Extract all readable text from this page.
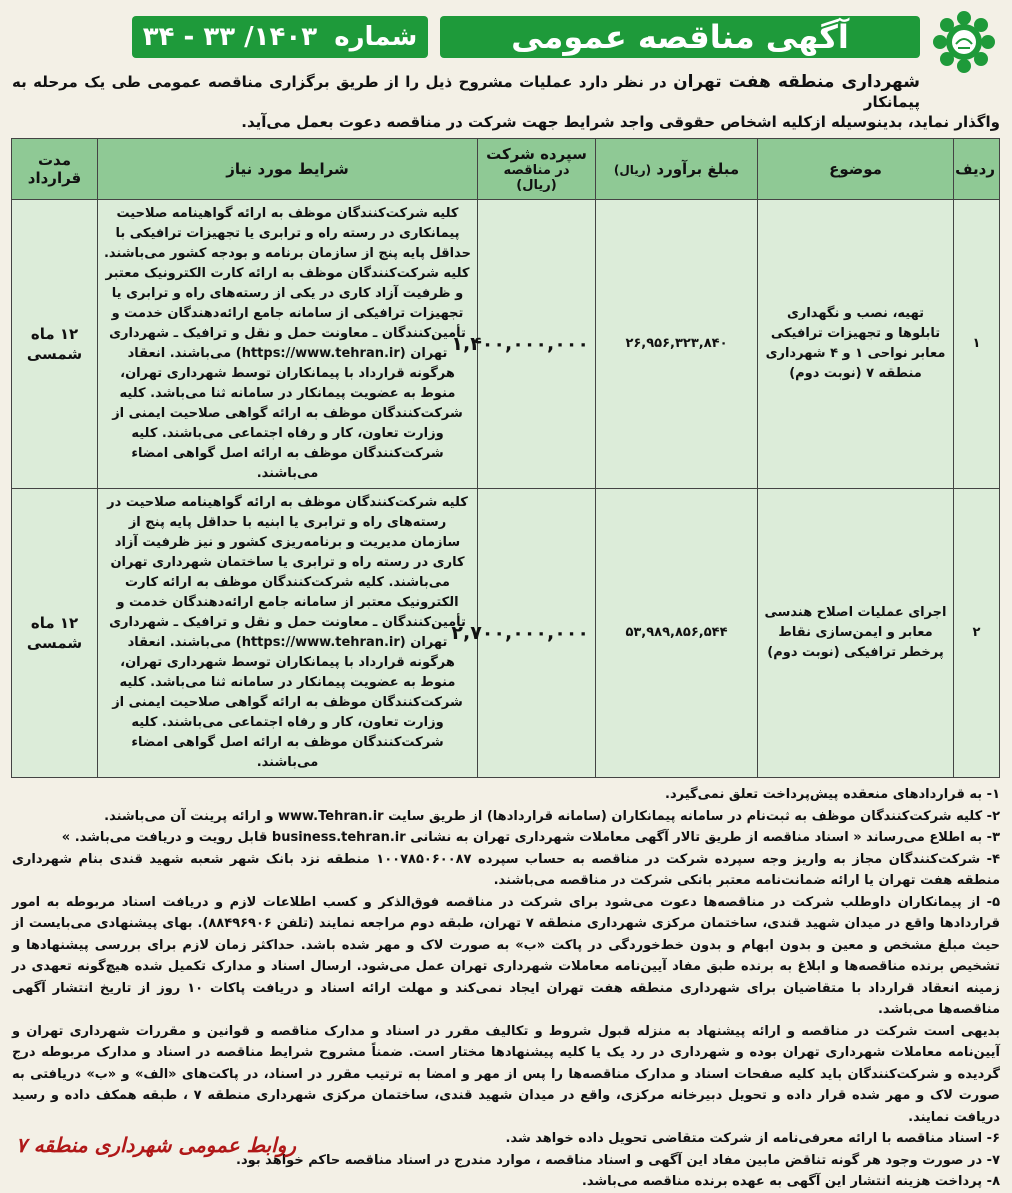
آگهی مناقصه عمومی
شماره ۱۴۰۳/ ۳۳ - ۳۴
شهرداری منطقه هفت تهران در نظر دارد عملیات مشروح ذیل را از طریق برگزاری مناقصه عمومی طی یک مرحله به پیمانکار
واگذار نماید، بدینوسیله ازکلیه اشخاص حقوقی واجد شرایط جهت شرکت در مناقصه دعوت بعمل می‌آید.
ردیف	موضوع	مبلغ برآورد (ریال)	سپرده شرکت
در مناقصه (ریال)	شرایط مورد نیاز	مدت قرارداد
۱	تهیه، نصب و نگهداری تابلوها و تجهیزات ترافیکی معابر نواحی ۱ و ۴ شهرداری منطقه ۷ (نوبت دوم)	۲۶,۹۵۶,۳۲۳,۸۴۰	۱,۴۰۰,۰۰۰,۰۰۰	کلیه شرکت‌کنندگان موظف به ارائه گواهینامه صلاحیت پیمانکاری در رسته راه و ترابری یا تجهیزات ترافیکی با حداقل پایه پنج از سازمان برنامه و بودجه کشور می‌باشند. کلیه شرکت‌کنندگان موظف به ارائه کارت الکترونیک معتبر و ظرفیت آزاد کاری در یکی از رسته‌های راه و ترابری یا تجهیزات ترافیکی از سامانه جامع ارائه‌دهندگان خدمت و تأمین‌کنندگان ـ معاونت حمل و نقل و ترافیک ـ شهرداری تهران (https://www.tehran.ir) می‌باشند. انعقاد هرگونه قرارداد با پیمانکاران توسط شهرداری تهران، منوط به عضویت پیمانکار در سامانه ثنا می‌باشد. کلیه شرکت‌کنندگان موظف به ارائه گواهی صلاحیت ایمنی از وزارت تعاون، کار و رفاه اجتماعی می‌باشند. کلیه شرکت‌کنندگان موظف به ارائه اصل گواهی امضاء می‌باشند.	۱۲ ماه شمسی
۲	اجرای عملیات اصلاح هندسی معابر و ایمن‌سازی نقاط پرخطر ترافیکی (نوبت دوم)	۵۳,۹۸۹,۸۵۶,۵۴۴	۲,۷۰۰,۰۰۰,۰۰۰	کلیه شرکت‌کنندگان موظف به ارائه گواهینامه صلاحیت در رسته‌های راه و ترابری یا ابنیه با حداقل پایه پنج از سازمان مدیریت و برنامه‌ریزی کشور و نیز ظرفیت آزاد کاری در رسته راه و ترابری یا ساختمان شهرداری تهران می‌باشند. کلیه شرکت‌کنندگان موظف به ارائه کارت الکترونیک معتبر از سامانه جامع ارائه‌دهندگان خدمت و تأمین‌کنندگان ـ معاونت حمل و نقل و ترافیک ـ شهرداری تهران (https://www.tehran.ir) می‌باشند. انعقاد هرگونه قرارداد با پیمانکاران توسط شهرداری تهران، منوط به عضویت پیمانکار در سامانه ثنا می‌باشد. کلیه شرکت‌کنندگان موظف به ارائه گواهی صلاحیت ایمنی از وزارت تعاون، کار و رفاه اجتماعی می‌باشند. کلیه شرکت‌کنندگان موظف به ارائه اصل گواهی امضاء می‌باشند.	۱۲ ماه شمسی

۱- به قراردادهای منعقده پیش‌پرداخت تعلق نمی‌گیرد.

۲- کلیه شرکت‌کنندگان موظف به ثبت‌نام در سامانه پیمانکاران (سامانه قراردادها) از طریق سایت www.Tehran.ir و ارائه پرینت آن می‌باشند.

۳- به اطلاع می‌رساند « اسناد مناقصه از طریق تالار آگهی معاملات شهرداری تهران به نشانی business.tehran.ir قابل رویت و دریافت می‌باشد. »

۴- شرکت‌کنندگان مجاز به واریز وجه سپرده شرکت در مناقصه به حساب سپرده ۱۰۰۷۸۵۰۶۰۰۸۷ منطقه نزد بانک شهر شعبه شهید قندی بنام شهرداری منطقه هفت تهران یا ارائه ضمانت‌نامه معتبر بانکی شرکت در مناقصه می‌باشند.

۵- از پیمانکاران داوطلب شرکت در مناقصه‌ها دعوت می‌شود برای شرکت در مناقصه فوق‌الذکر و کسب اطلاعات لازم و دریافت اسناد مربوطه به امور قراردادها واقع در میدان شهید قندی، ساختمان مرکزی شهرداری منطقه ۷ تهران، طبقه دوم مراجعه نمایند (تلفن ۸۸۴۹۶۹۰۶). بهای پیشنهادی می‌بایست از حیث مبلغ مشخص و معین و بدون ابهام و بدون خط‌خوردگی در پاکت «ب» به صورت لاک و مهر شده باشد. حداکثر زمان لازم برای بررسی پیشنهادها و تشخیص برنده مناقصه‌ها و ابلاغ به برنده طبق مفاد آیین‌نامه معاملات شهرداری تهران عمل می‌شود. ارسال اسناد و مدارک تکمیل شده هیچ‌گونه تعهدی در زمینه انعقاد قرارداد با متقاضیان برای شهرداری منطقه هفت تهران ایجاد نمی‌کند و مهلت ارائه اسناد و دریافت پاکات ۱۰ روز از تاریخ انتشار آگهی مناقصه‌ها می‌باشد.

بدیهی است شرکت در مناقصه و ارائه پیشنهاد به منزله قبول شروط و تکالیف مقرر در اسناد و مدارک مناقصه و قوانین و مقررات شهرداری تهران و آیین‌نامه معاملات شهرداری تهران بوده و شهرداری در رد یک یا کلیه پیشنهادها مختار است. ضمناً مشروح شرایط مناقصه در اسناد و مدارک مربوطه درج گردیده و شرکت‌کنندگان باید کلیه صفحات اسناد و مدارک مناقصه‌ها را پس از مهر و امضا به ترتیب مقرر در اسناد، در پاکت‌های «الف» و «ب» دریافتی به صورت لاک و مهر شده قرار داده و تحویل دبیرخانه مرکزی، واقع در میدان شهید قندی، ساختمان مرکزی شهرداری منطقه ۷ ، طبقه همکف داده و رسید دریافت نمایند.

۶- اسناد مناقصه با ارائه معرفی‌نامه از شرکت متقاضی تحویل داده خواهد شد.

۷- در صورت وجود هر گونه تناقض مابین مفاد این آگهی و اسناد مناقصه ، موارد مندرج در اسناد مناقصه حاکم خواهد بود.

۸- پرداخت هزینه انتشار این آگهی به عهده برنده مناقصه می‌باشد.

روابط عمومی شهرداری منطقه ۷
